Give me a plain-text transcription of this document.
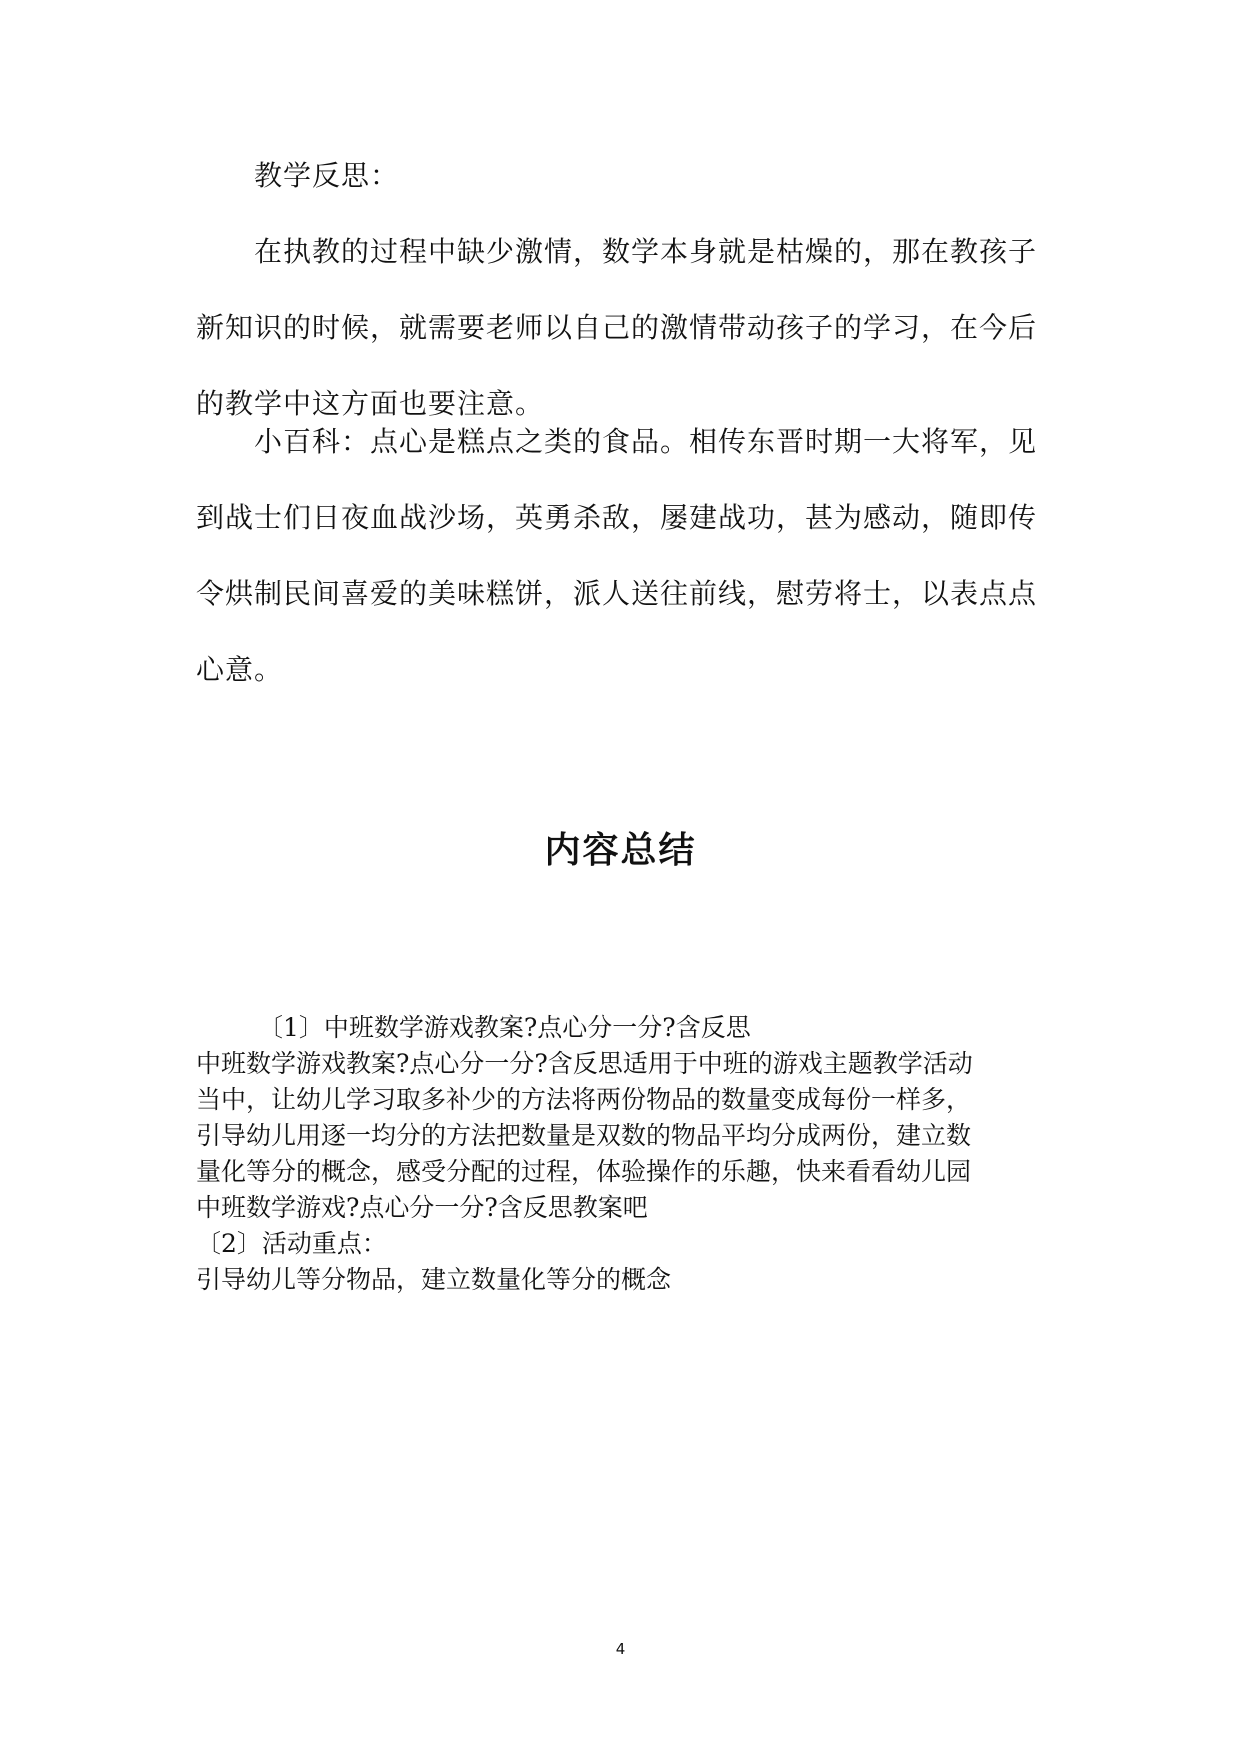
教学反思：
在执教的过程中缺少激情，数学本身就是枯燥的，那在教孩子
新知识的时候，就需要老师以自己的激情带动孩子的学习，在今后
的教学中这方面也要注意。
小百科：点心是糕点之类的食品。相传东晋时期一大将军，见
到战士们日夜血战沙场，英勇杀敌，屡建战功，甚为感动，随即传
令烘制民间喜爱的美味糕饼，派人送往前线，慰劳将士，以表点点
心意。
内容总结
〔1〕中班数学游戏教案?点心分一分?含反思
中班数学游戏教案?点心分一分?含反思适用于中班的游戏主题教学活动
当中，让幼儿学习取多补少的方法将两份物品的数量变成每份一样多，
引导幼儿用逐一均分的方法把数量是双数的物品平均分成两份，建立数
量化等分的概念，感受分配的过程，体验操作的乐趣，快来看看幼儿园
中班数学游戏?点心分一分?含反思教案吧
〔2〕活动重点：
引导幼儿等分物品，建立数量化等分的概念
4
